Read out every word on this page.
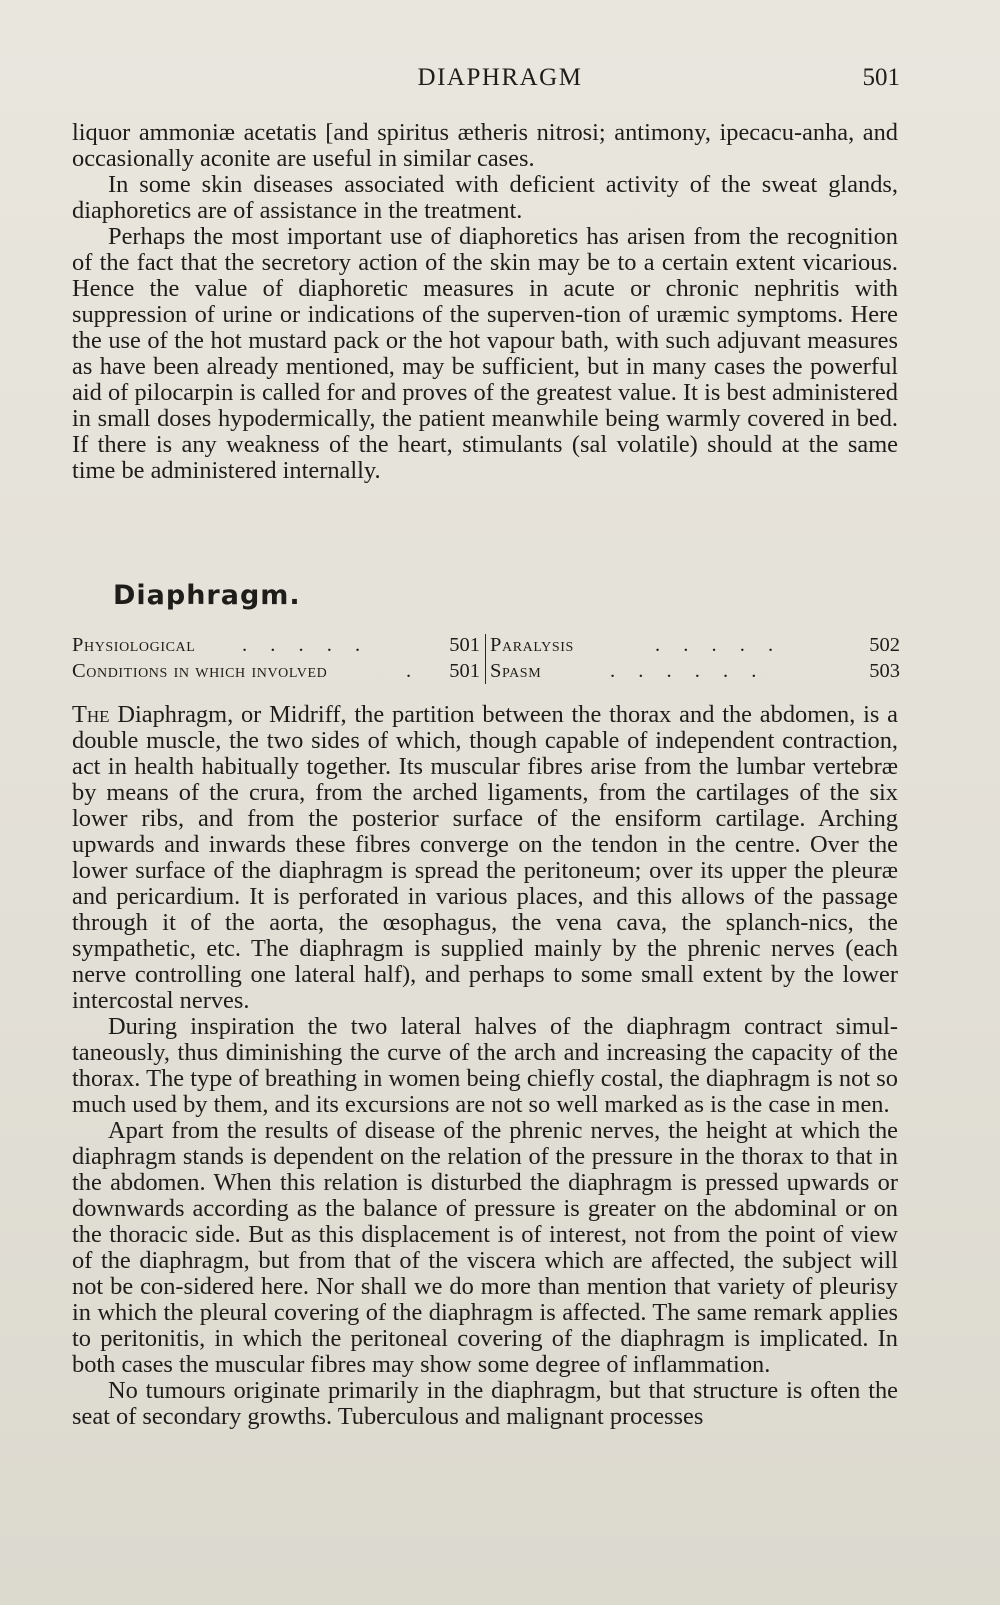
DIAPHRAGM	501

liquor ammoniæ acetatis [and spiritus ætheris nitrosi; antimony, ipecacu-anha, and occasionally aconite are useful in similar cases.

In some skin diseases associated with deficient activity of the sweat glands, diaphoretics are of assistance in the treatment.

Perhaps the most important use of diaphoretics has arisen from the recognition of the fact that the secretory action of the skin may be to a certain extent vicarious. Hence the value of diaphoretic measures in acute or chronic nephritis with suppression of urine or indications of the superven-tion of uræmic symptoms. Here the use of the hot mustard pack or the hot vapour bath, with such adjuvant measures as have been already mentioned, may be sufficient, but in many cases the powerful aid of pilocarpin is called for and proves of the greatest value. It is best administered in small doses hypodermically, the patient meanwhile being warmly covered in bed. If there is any weakness of the heart, stimulants (sal volatile) should at the same time be administered internally.

Diaphragm.
Physiological . . . . .	501
Conditions in which involved	. 501
Paralysis	. . . . .	502
Spasm	. . . . . .	503

The Diaphragm, or Midriff, the partition between the thorax and the abdomen, is a double muscle, the two sides of which, though capable of independent contraction, act in health habitually together. Its muscular fibres arise from the lumbar vertebræ by means of the crura, from the arched ligaments, from the cartilages of the six lower ribs, and from the posterior surface of the ensiform cartilage. Arching upwards and inwards these fibres converge on the tendon in the centre. Over the lower surface of the diaphragm is spread the peritoneum; over its upper the pleuræ and pericardium. It is perforated in various places, and this allows of the passage through it of the aorta, the œsophagus, the vena cava, the splanch-nics, the sympathetic, etc. The diaphragm is supplied mainly by the phrenic nerves (each nerve controlling one lateral half), and perhaps to some small extent by the lower intercostal nerves.

During inspiration the two lateral halves of the diaphragm contract simul-taneously, thus diminishing the curve of the arch and increasing the capacity of the thorax. The type of breathing in women being chiefly costal, the diaphragm is not so much used by them, and its excursions are not so well marked as is the case in men.

Apart from the results of disease of the phrenic nerves, the height at which the diaphragm stands is dependent on the relation of the pressure in the thorax to that in the abdomen. When this relation is disturbed the diaphragm is pressed upwards or downwards according as the balance of pressure is greater on the abdominal or on the thoracic side. But as this displacement is of interest, not from the point of view of the diaphragm, but from that of the viscera which are affected, the subject will not be con-sidered here. Nor shall we do more than mention that variety of pleurisy in which the pleural covering of the diaphragm is affected. The same remark applies to peritonitis, in which the peritoneal covering of the diaphragm is implicated. In both cases the muscular fibres may show some degree of inflammation.

No tumours originate primarily in the diaphragm, but that structure is often the seat of secondary growths. Tuberculous and malignant processes
